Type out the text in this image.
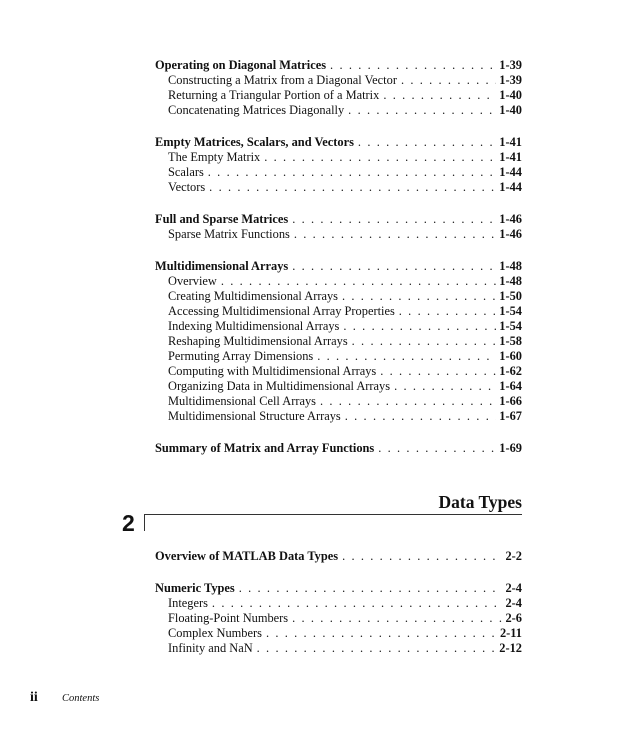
Operating on Diagonal Matrices . . .	1-39
Constructing a Matrix from a Diagonal Vector . . .	1-39
Returning a Triangular Portion of a Matrix . . .	1-40
Concatenating Matrices Diagonally . . .	1-40
Empty Matrices, Scalars, and Vectors . . .	1-41
The Empty Matrix . . .	1-41
Scalars . . .	1-44
Vectors . . .	1-44
Full and Sparse Matrices . . .	1-46
Sparse Matrix Functions . . .	1-46
Multidimensional Arrays . . .	1-48
Overview . . .	1-48
Creating Multidimensional Arrays . . .	1-50
Accessing Multidimensional Array Properties . . .	1-54
Indexing Multidimensional Arrays . . .	1-54
Reshaping Multidimensional Arrays . . .	1-58
Permuting Array Dimensions . . .	1-60
Computing with Multidimensional Arrays . . .	1-62
Organizing Data in Multidimensional Arrays . . .	1-64
Multidimensional Cell Arrays . . .	1-66
Multidimensional Structure Arrays . . .	1-67
Summary of Matrix and Array Functions . . .	1-69
Data Types
2
Overview of MATLAB Data Types . . .	2-2
Numeric Types . . .	2-4
Integers . . .	2-4
Floating-Point Numbers . . .	2-6
Complex Numbers . . .	2-11
Infinity and NaN . . .	2-12
ii Contents
